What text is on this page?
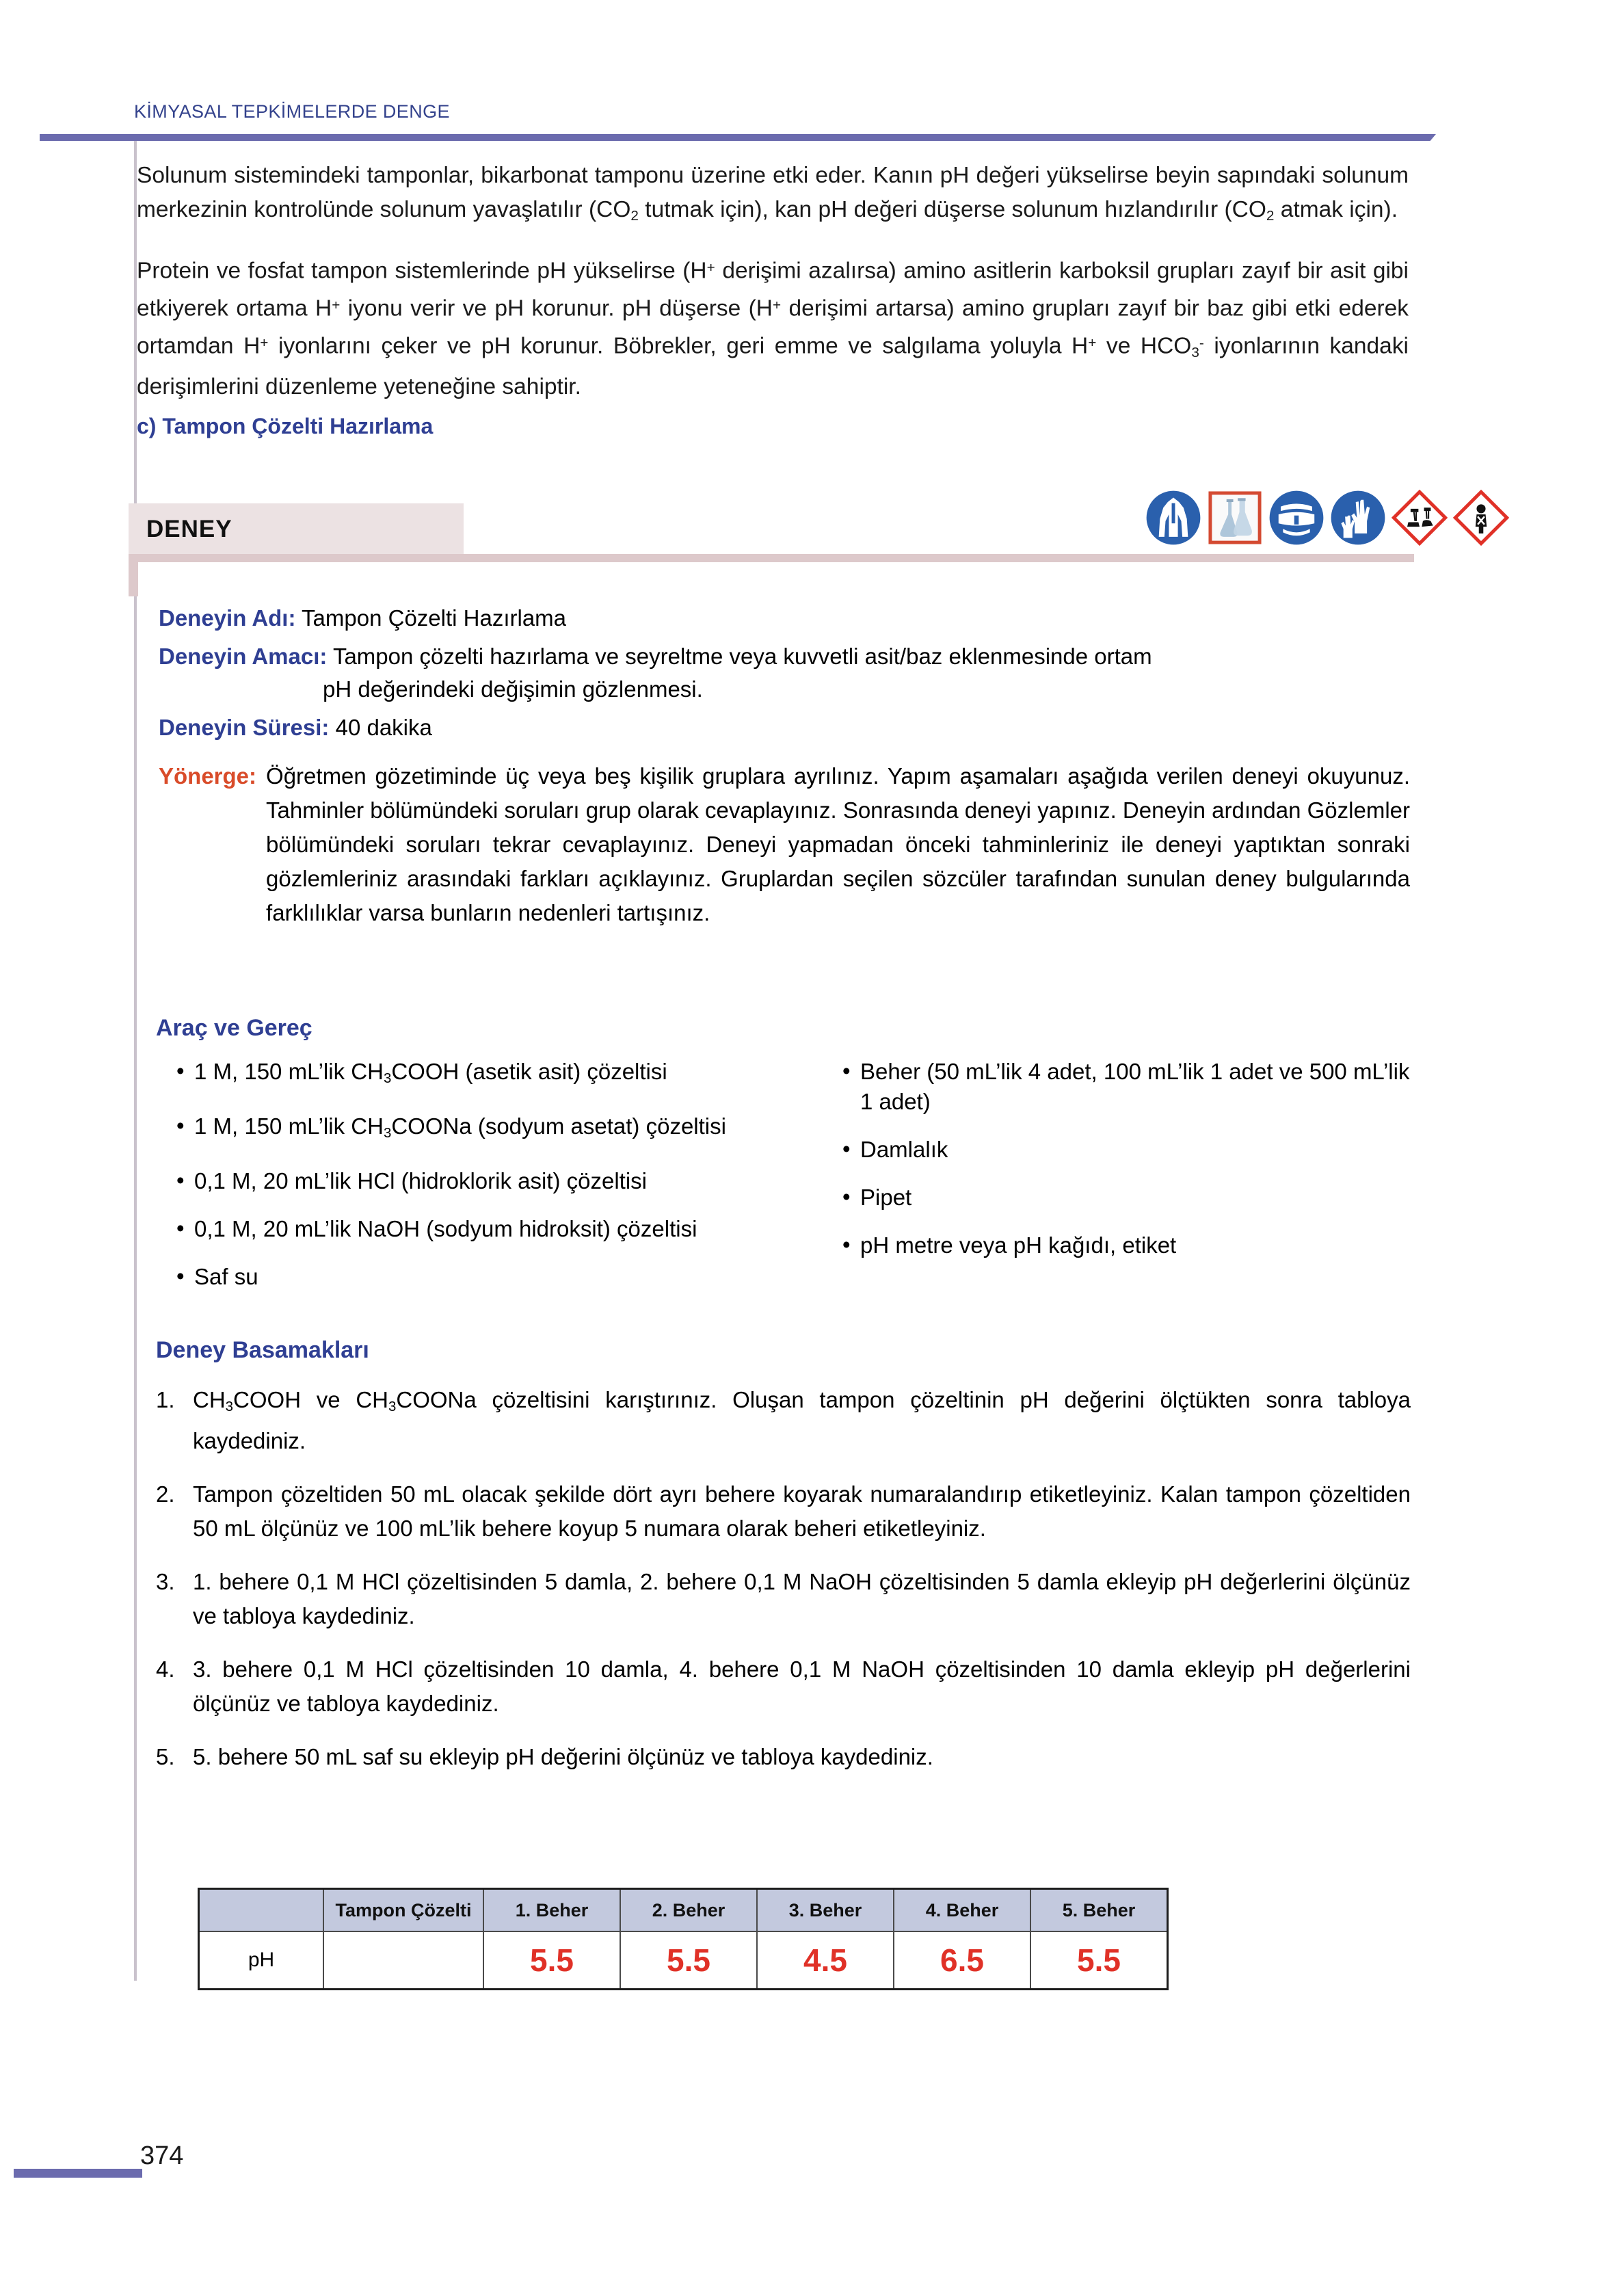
KİMYASAL TEPKİMELERDE DENGE

Solunum sistemindeki tamponlar, bikarbonat tamponu üzerine etki eder. Kanın pH değeri yükselirse beyin sapındaki solunum merkezinin kontrolünde solunum yavaşlatılır ($CO_2$ tutmak için), kan pH değeri düşerse solunum hızlandırılır ($CO_2$ atmak için).

Protein ve fosfat tampon sistemlerinde pH yükselirse (H+ derişimi azalırsa) amino asitlerin karboksil grupları zayıf bir asit gibi etkiyerek ortama H+ iyonu verir ve pH korunur. pH düşerse (H+ derişimi artarsa) amino grupları zayıf bir baz gibi etki ederek ortamdan H+ iyonlarını çeker ve pH korunur. Böbrekler, geri emme ve salgılama yoluyla H+ ve $HCO_3^-$ iyonlarının kandaki derişimlerini düzenleme yeteneğine sahiptir.

c) Tampon Çözelti Hazırlama

DENEY
Deneyin Adı: Tampon Çözelti Hazırlama
Deneyin Amacı: Tampon çözelti hazırlama ve seyreltme veya kuvvetli asit/baz eklenmesinde ortam
pH değerindeki değişimin gözlenmesi.
Deneyin Süresi: 40 dakika
Yönerge: Öğretmen gözetiminde üç veya beş kişilik gruplara ayrılınız. Yapım aşamaları aşağıda verilen deneyi okuyunuz. Tahminler bölümündeki soruları grup olarak cevaplayınız. Sonrasında deneyi yapınız. Deneyin ardından Gözlemler bölümündeki soruları tekrar cevaplayınız. Deneyi yapmadan önceki tahminleriniz ile deneyi yaptıktan sonraki gözlemleriniz arasındaki farkları açıklayınız. Gruplardan seçilen sözcüler tarafından sunulan deney bulgularında farklılıklar varsa bunların nedenleri tartışınız.
Araç ve Gereç
• 1 M, 150 mL’lik $CH_3COOH$ (asetik asit) çözeltisi
• 1 M, 150 mL’lik $CH_3COONa$ (sodyum asetat) çözeltisi
• 0,1 M, 20 mL’lik HCl (hidroklorik asit) çözeltisi
• 0,1 M, 20 mL’lik NaOH (sodyum hidroksit) çözeltisi
• Saf su
• Beher (50 mL’lik 4 adet, 100 mL’lik 1 adet ve 500 mL’lik 1 adet)
• Damlalık
• Pipet
• pH metre veya pH kağıdı, etiket
Deney Basamakları
1. $CH_3COOH$ ve $CH_3COONa$ çözeltisini karıştırınız. Oluşan tampon çözeltinin pH değerini ölçtükten sonra tabloya kaydediniz.
2. Tampon çözeltiden 50 mL olacak şekilde dört ayrı behere koyarak numaralandırıp etiketleyiniz. Kalan tampon çözeltiden 50 mL ölçünüz ve 100 mL’lik behere koyup 5 numara olarak beheri etiketleyiniz.
3. 1. behere 0,1 M HCl çözeltisinden 5 damla, 2. behere 0,1 M NaOH çözeltisinden 5 damla ekleyip pH değerlerini ölçünüz ve tabloya kaydediniz.
4. 3. behere 0,1 M HCl çözeltisinden 10 damla, 4. behere 0,1 M NaOH çözeltisinden 10 damla ekleyip pH değerlerini ölçünüz ve tabloya kaydediniz.
5. 5. behere 50 mL saf su ekleyip pH değerini ölçünüz ve tabloya kaydediniz.
	Tampon Çözelti	1. Beher	2. Beher	3. Beher	4. Beher	5. Beher
pH		5.5	5.5	4.5	6.5	5.5
374
